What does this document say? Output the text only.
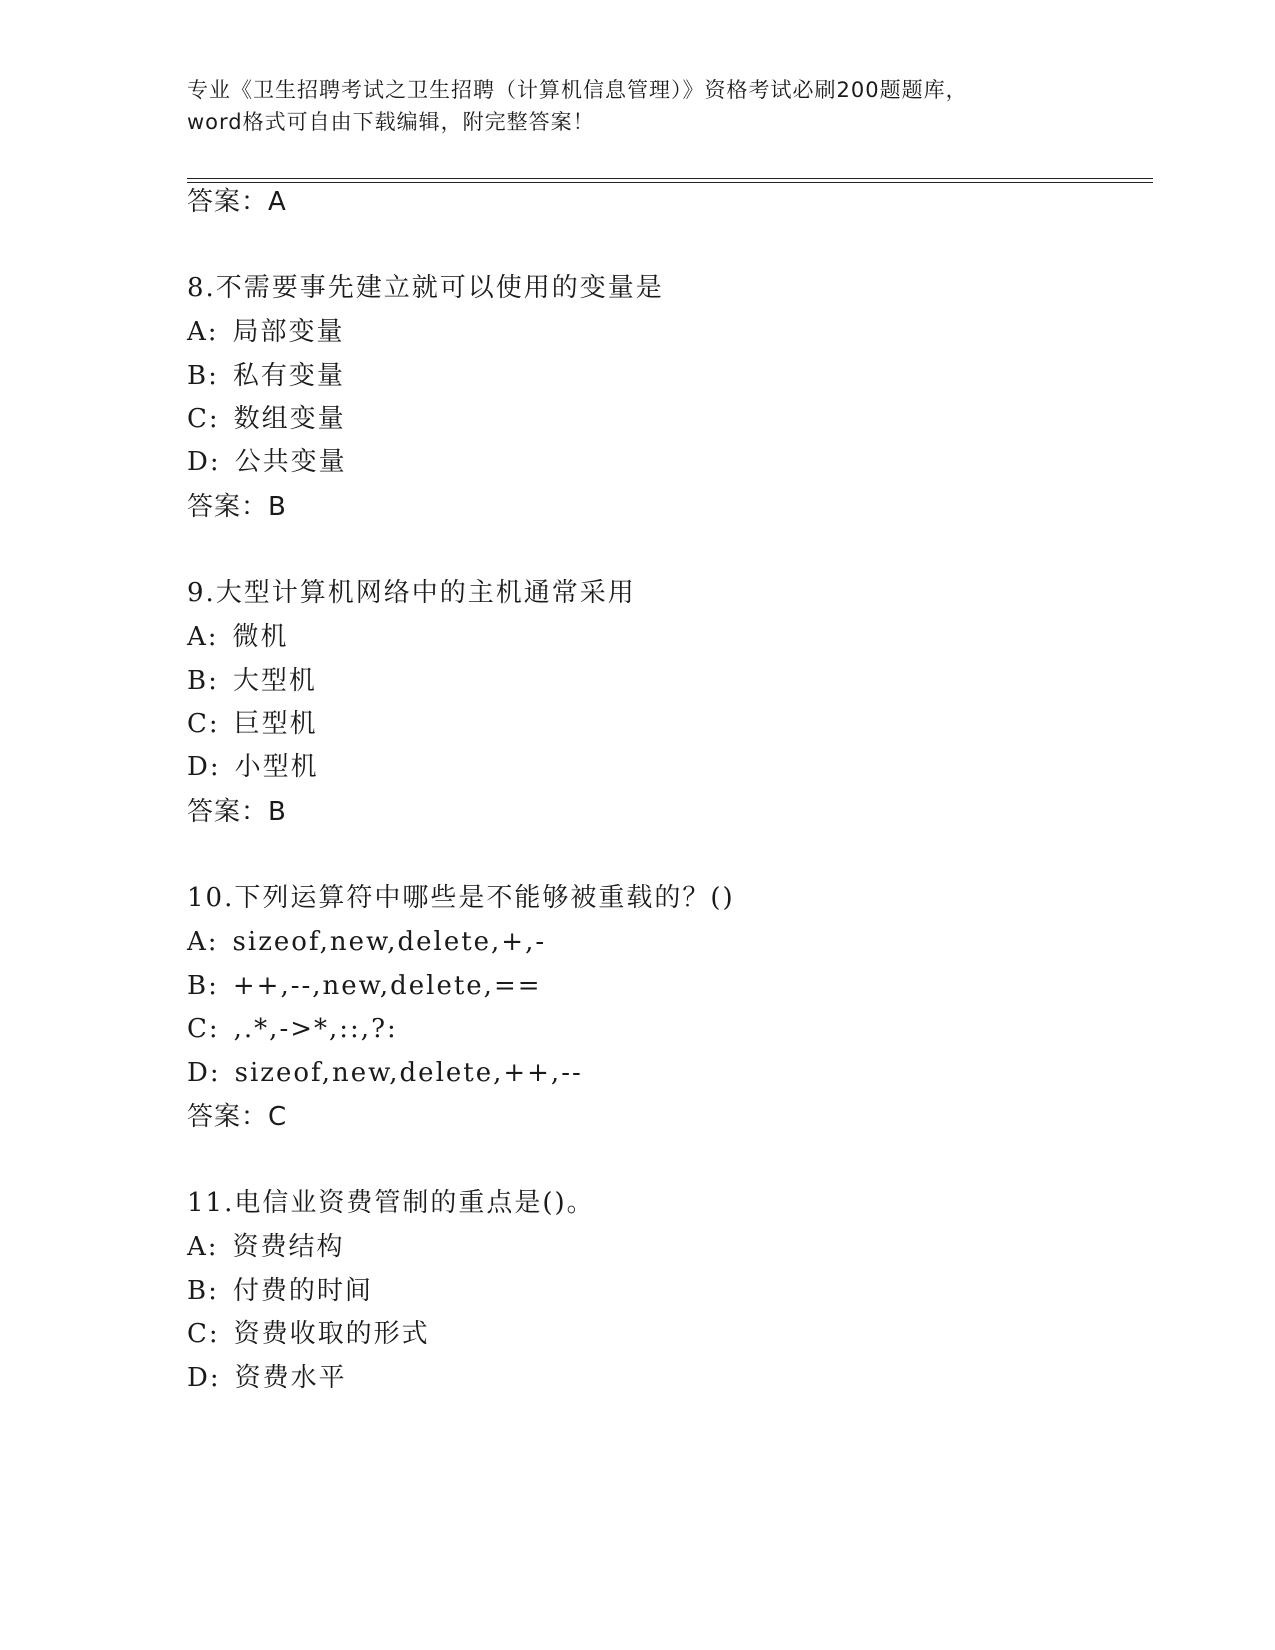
专业《卫生招聘考试之卫生招聘（计算机信息管理）》资格考试必刷200题题库，
word格式可自由下载编辑，附完整答案！
答案：A
8.不需要事先建立就可以使用的变量是
A: 局部变量
B: 私有变量
C: 数组变量
D: 公共变量
答案：B
9.大型计算机网络中的主机通常采用
A: 微机
B: 大型机
C: 巨型机
D: 小型机
答案：B
10.下列运算符中哪些是不能够被重载的？()
A: sizeof,new,delete,+,-
B: ++,--,new,delete,==
C: ,.*,->*,::,?:
D: sizeof,new,delete,++,--
答案：C
11.电信业资费管制的重点是()。
A: 资费结构
B: 付费的时间
C: 资费收取的形式
D: 资费水平
